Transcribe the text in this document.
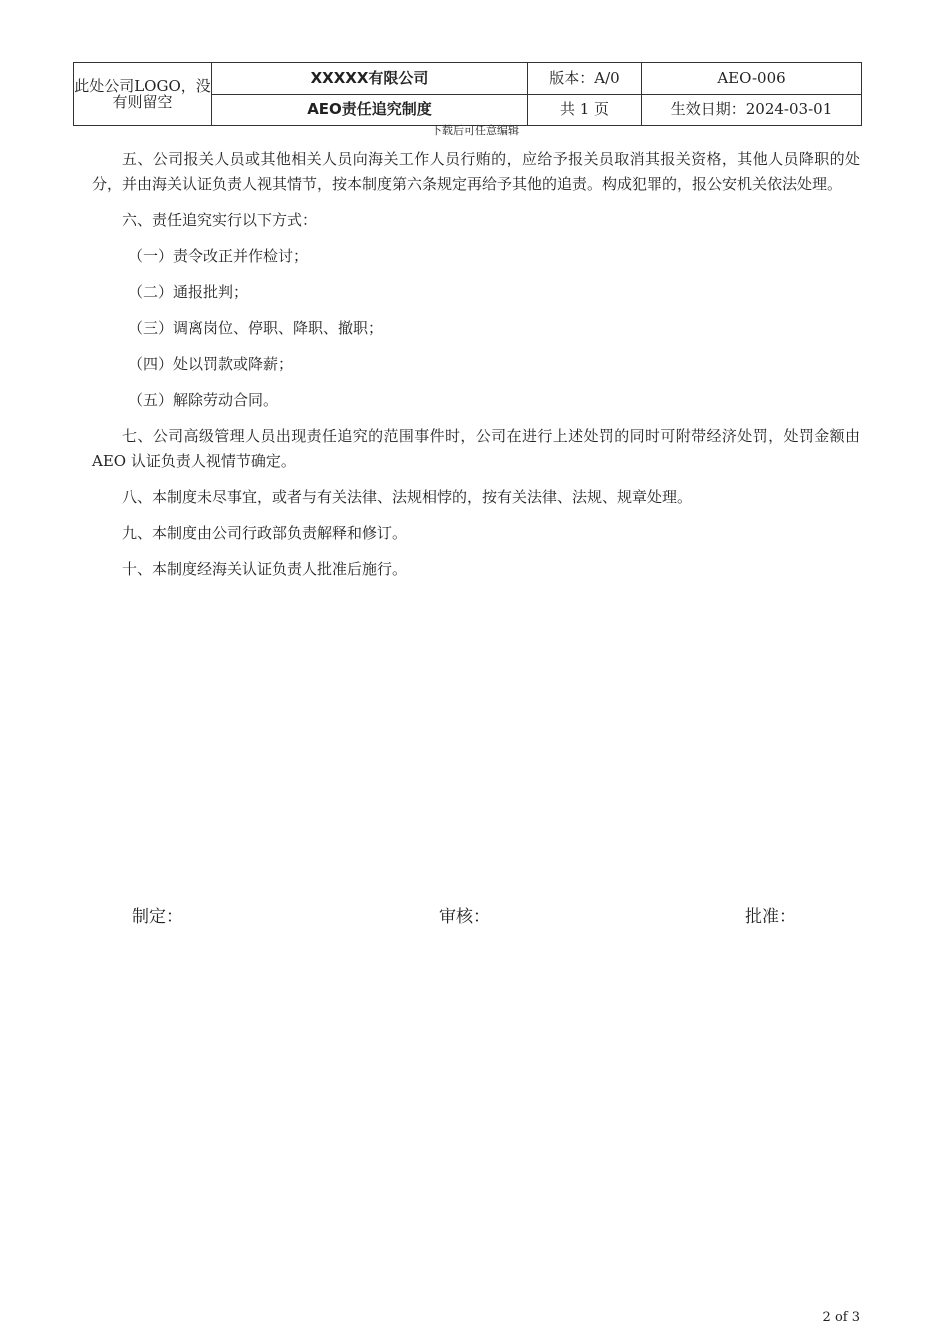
此处公司LOGO，没有则留空	XXXXX有限公司	版本：A/0	AEO-006
	AEO责任追究制度	共 1 页	生效日期：2024-03-01
下载后可任意编辑

五、公司报关人员或其他相关人员向海关工作人员行贿的，应给予报关员取消其报关资格，其他人员降职的处分，并由海关认证负责人视其情节，按本制度第六条规定再给予其他的追责。构成犯罪的，报公安机关依法处理。

六、责任追究实行以下方式：

（一）责令改正并作检讨；

（二）通报批判；

（三）调离岗位、停职、降职、撤职；

（四）处以罚款或降薪；

（五）解除劳动合同。

七、公司高级管理人员出现责任追究的范围事件时，公司在进行上述处罚的同时可附带经济处罚，处罚金额由 AEO 认证负责人视情节确定。

八、本制度未尽事宜，或者与有关法律、法规相悖的，按有关法律、法规、规章处理。

九、本制度由公司行政部负责解释和修订。

十、本制度经海关认证负责人批准后施行。

制定：	审核：	批准：
2 of 3
